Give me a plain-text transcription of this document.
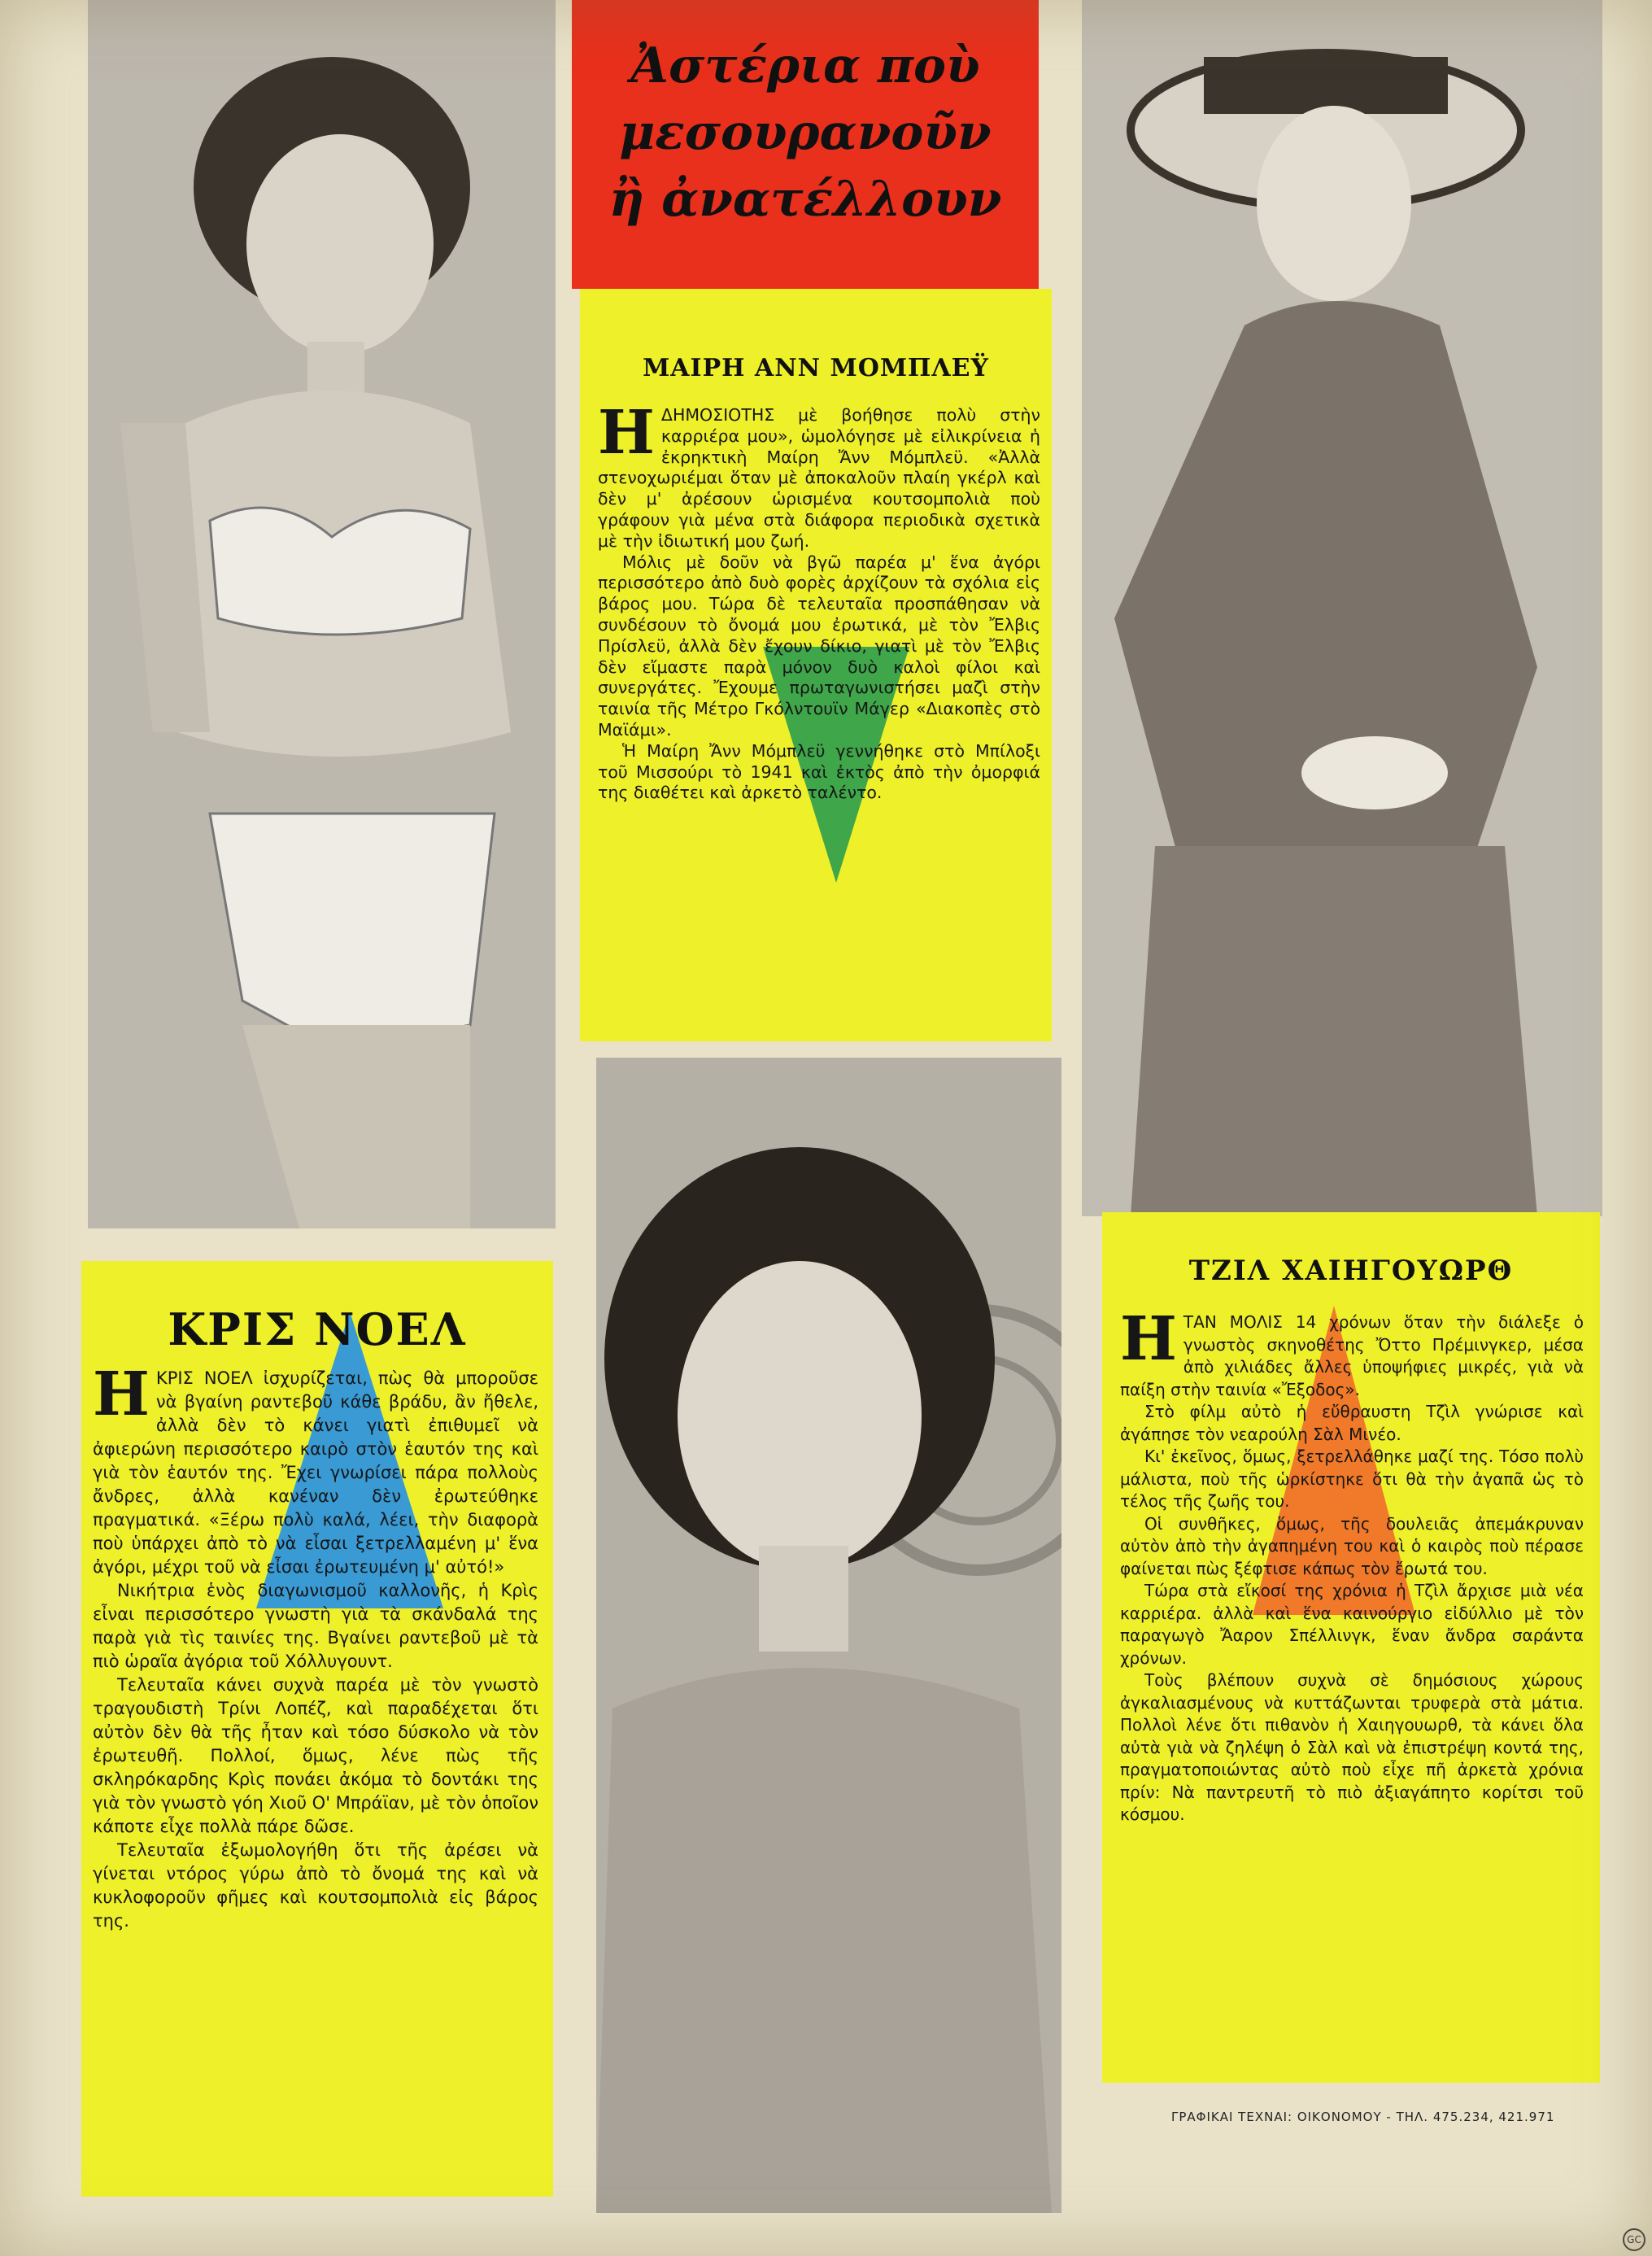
Ἀστέρια ποὺ
μεσουρανοῦν
ἢ ἀνατέλλουν
ΜΑΙΡΗ ΑΝΝ ΜΟΜΠΛΕΫ

ΗΔΗΜΟΣΙΟΤΗΣ μὲ βοήθησε πολὺ στὴν καρριέρα μου», ὡμολόγησε μὲ εἰλικρίνεια ἡ ἐκρηκτικὴ Μαίρη Ἄνν Μόμπλεϋ. «Ἀλλὰ στενοχωριέμαι ὅταν μὲ ἀποκαλοῦν πλαίη γκέρλ καὶ δὲν μ' ἀρέσουν ὡρισμένα κουτσομπολιὰ ποὺ γράφουν γιὰ μένα στὰ διάφορα περιοδικὰ σχετικὰ μὲ τὴν ἰδιωτική μου ζωή.

Μόλις μὲ δοῦν νὰ βγῶ παρέα μ' ἕνα ἀγόρι περισσότερο ἀπὸ δυὸ φορὲς ἀρχίζουν τὰ σχόλια εἰς βάρος μου. Τώρα δὲ τελευταῖα προσπάθησαν νὰ συνδέσουν τὸ ὄνομά μου ἐρωτικά, μὲ τὸν Ἔλβις Πρίσλεϋ, ἀλλὰ δὲν ἔχουν δίκιο, γιατὶ μὲ τὸν Ἔλβις δὲν εἴμαστε παρὰ μόνον δυὸ καλοὶ φίλοι καὶ συνεργάτες. Ἔχουμε πρωταγωνιστήσει μαζὶ στὴν ταινία τῆς Μέτρο Γκόλντουϊν Μάγερ «Διακοπὲς στὸ Μαϊάμι».

Ἡ Μαίρη Ἄνν Μόμπλεϋ γεννήθηκε στὸ Μπίλοξι τοῦ Μισσούρι τὸ 1941 καὶ ἐκτὸς ἀπὸ τὴν ὀμορφιά της διαθέτει καὶ ἀρκετὸ ταλέντο.

ΚΡΙΣ ΝΟΕΛ

ΗΚΡΙΣ ΝΟΕΛ ἰσχυρίζεται, πὼς θὰ μποροῦσε νὰ βγαίνη ραντεβοῦ κάθε βράδυ, ἂν ἤθελε, ἀλλὰ δὲν τὸ κάνει γιατὶ ἐπιθυμεῖ νὰ ἀφιερώνη περισσότερο καιρὸ στὸν ἑαυτόν της καὶ γιὰ τὸν ἑαυτόν της. Ἔχει γνωρίσει πάρα πολλοὺς ἄνδρες, ἀλλὰ κανέναν δὲν ἐρωτεύθηκε πραγματικά. «Ξέρω πολὺ καλά, λέει, τὴν διαφορὰ ποὺ ὑπάρχει ἀπὸ τὸ νὰ εἶσαι ξετρελλαμένη μ' ἕνα ἀγόρι, μέχρι τοῦ νὰ εἶσαι ἐρωτευμένη μ' αὐτό!»

Νικήτρια ἑνὸς διαγωνισμοῦ καλλονῆς, ἡ Κρὶς εἶναι περισσότερο γνωστὴ γιὰ τὰ σκάνδαλά της παρὰ γιὰ τὶς ταινίες της. Βγαίνει ραντεβοῦ μὲ τὰ πιὸ ὡραῖα ἀγόρια τοῦ Χόλλυγουντ.

Τελευταῖα κάνει συχνὰ παρέα μὲ τὸν γνωστὸ τραγουδιστὴ Τρίνι Λοπέζ, καὶ παραδέχεται ὅτι αὐτὸν δὲν θὰ τῆς ἦταν καὶ τόσο δύσκολο νὰ τὸν ἐρωτευθῆ. Πολλοί, ὅμως, λένε πὼς τῆς σκληρόκαρδης Κρὶς πονάει ἀκόμα τὸ δοντάκι της γιὰ τὸν γνωστὸ γόη Χιοῦ Ο' Μπράϊαν, μὲ τὸν ὁποῖον κάποτε εἶχε πολλὰ πάρε δῶσε.

Τελευταῖα ἐξωμολογήθη ὅτι τῆς ἀρέσει νὰ γίνεται ντόρος γύρω ἀπὸ τὸ ὄνομά της καὶ νὰ κυκλοφοροῦν φῆμες καὶ κουτσομπολιὰ εἰς βάρος της.

ΤΖΙΛ ΧΑΙΗΓΟΥΩΡΘ

ΗΤΑΝ ΜΟΛΙΣ 14 χρόνων ὅταν τὴν διάλεξε ὁ γνωστὸς σκηνοθέτης Ὄττο Πρέμινγκερ, μέσα ἀπὸ χιλιάδες ἄλλες ὑποψήφιες μικρές, γιὰ νὰ παίξη στὴν ταινία «Ἔξοδος».

Στὸ φίλμ αὐτὸ ἡ εὔθραυστη Τζὶλ γνώρισε καὶ ἀγάπησε τὸν νεαρούλη Σὰλ Μινέο.

Κι' ἐκεῖνος, ὅμως, ξετρελλάθηκε μαζί της. Τόσο πολὺ μάλιστα, ποὺ τῆς ὡρκίστηκε ὅτι θὰ τὴν ἀγαπᾶ ὡς τὸ τέλος τῆς ζωῆς του.

Οἱ συνθῆκες, ὅμως, τῆς δουλειᾶς ἀπεμάκρυναν αὐτὸν ἀπὸ τὴν ἀγαπημένη του καὶ ὁ καιρὸς ποὺ πέρασε φαίνεται πὼς ξέφτισε κάπως τὸν ἔρωτά του.

Τώρα στὰ εἴκοσί της χρόνια ἡ Τζὶλ ἄρχισε μιὰ νέα καρριέρα. ἀλλὰ καὶ ἕνα καινούργιο εἰδύλλιο μὲ τὸν παραγωγὸ Ἄαρον Σπέλλινγκ, ἕναν ἄνδρα σαράντα χρόνων.

Τοὺς βλέπουν συχνὰ σὲ δημόσιους χώρους ἀγκαλιασμένους νὰ κυττάζωνται τρυφερὰ στὰ μάτια. Πολλοὶ λένε ὅτι πιθανὸν ἡ Χαιηγουωρθ, τὰ κάνει ὅλα αὐτὰ γιὰ νὰ ζηλέψη ὁ Σὰλ καὶ νὰ ἐπιστρέψη κοντά της, πραγματοποιώντας αὐτὸ ποὺ εἶχε πῆ ἀρκετὰ χρόνια πρίν: Νὰ παντρευτῆ τὸ πιὸ ἀξιαγάπητο κορίτσι τοῦ κόσμου.

ΓΡΑΦΙΚΑΙ ΤΕΧΝΑΙ: ΟΙΚΟΝΟΜΟΥ - ΤΗΛ. 475.234, 421.971
GC
